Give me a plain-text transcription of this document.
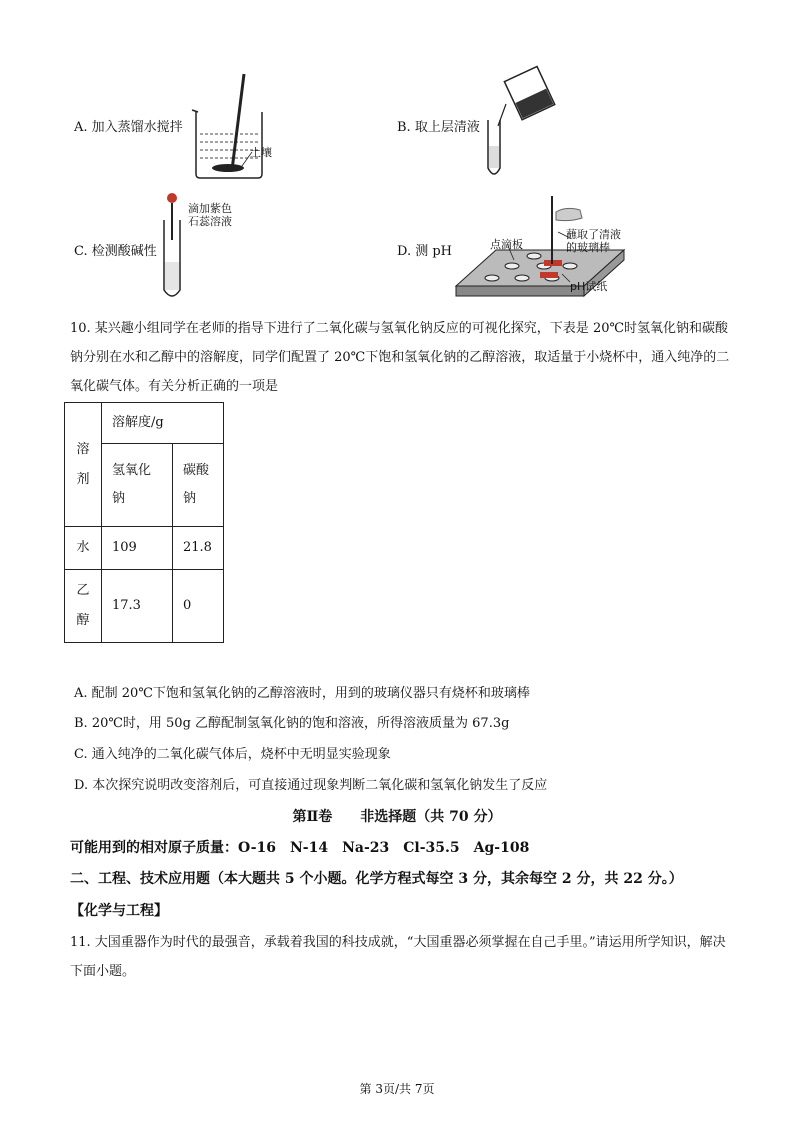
A. 加入蒸馏水搅拌
土壤
B. 取上层清液
C. 检测酸碱性
滴加紫色
石蕊溶液
D. 测 pH	点滴板
蘸取了清液
的玻璃棒
pH试纸
10. 某兴趣小组同学在老师的指导下进行了二氧化碳与氢氧化钠反应的可视化探究，下表是 20℃时氢氧化钠和碳酸钠分别在水和乙醇中的溶解度，同学们配置了 20℃下饱和氢氧化钠的乙醇溶液，取适量于小烧杯中，通入纯净的二氧化碳气体。有关分析正确的一项是
溶剂	溶解度/g	
	氢氧化钠	碳酸钠
水	109	21.8
乙醇	17.3	0
A. 配制 20℃下饱和氢氧化钠的乙醇溶液时，用到的玻璃仪器只有烧杯和玻璃棒
B. 20℃时，用 50g 乙醇配制氢氧化钠的饱和溶液，所得溶液质量为 67.3g
C. 通入纯净的二氧化碳气体后，烧杯中无明显实验现象
D. 本次探究说明改变溶剂后，可直接通过现象判断二氧化碳和氢氧化钠发生了反应
第Ⅱ卷　　非选择题（共 70 分）
可能用到的相对原子质量：O-16　N-14　Na-23　Cl-35.5　Ag-108
二、工程、技术应用题（本大题共 5 个小题。化学方程式每空 3 分，其余每空 2 分，共 22 分。）
【化学与工程】
11. 大国重器作为时代的最强音，承载着我国的科技成就，“大国重器必须掌握在自己手里。”请运用所学知识，解决下面小题。
第 3页/共 7页
